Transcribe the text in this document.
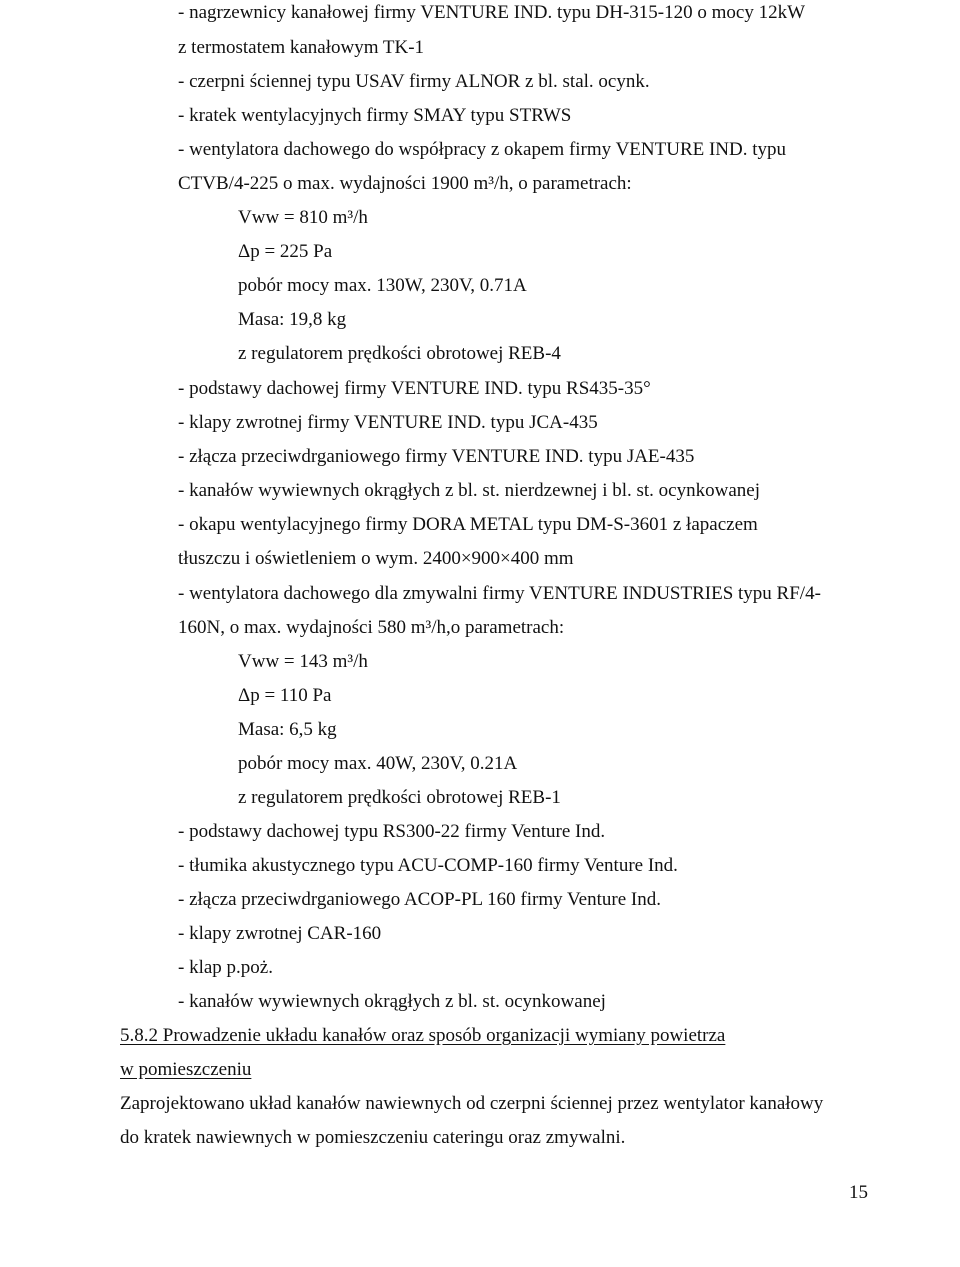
- nagrzewnicy kanałowej firmy VENTURE IND. typu DH-315-120 o mocy 12kW
z termostatem kanałowym TK-1
- czerpni ściennej typu USAV firmy ALNOR z bl. stal. ocynk.
- kratek wentylacyjnych firmy SMAY typu STRWS
- wentylatora dachowego do współpracy z okapem firmy VENTURE IND. typu
CTVB/4-225 o max. wydajności 1900 m³/h, o parametrach:
Vww = 810 m³/h
Δp = 225 Pa
pobór mocy max. 130W, 230V, 0.71A
Masa: 19,8 kg
z regulatorem prędkości obrotowej REB-4
- podstawy dachowej firmy VENTURE IND. typu RS435-35°
- klapy zwrotnej firmy VENTURE IND. typu JCA-435
- złącza przeciwdrganiowego firmy VENTURE IND. typu JAE-435
- kanałów wywiewnych okrągłych z bl. st. nierdzewnej i bl. st. ocynkowanej
- okapu wentylacyjnego firmy DORA METAL typu DM-S-3601 z łapaczem
tłuszczu i oświetleniem o wym. 2400×900×400 mm
- wentylatora dachowego dla zmywalni firmy VENTURE INDUSTRIES typu RF/4-
160N, o max. wydajności 580 m³/h,o parametrach:
Vww = 143 m³/h
Δp = 110 Pa
Masa: 6,5 kg
pobór mocy max. 40W, 230V, 0.21A
z regulatorem prędkości obrotowej REB-1
- podstawy dachowej typu RS300-22 firmy Venture Ind.
- tłumika akustycznego typu ACU-COMP-160 firmy Venture Ind.
- złącza przeciwdrganiowego ACOP-PL 160 firmy Venture Ind.
- klapy zwrotnej CAR-160
- klap p.poż.
- kanałów wywiewnych okrągłych z bl. st. ocynkowanej
5.8.2 Prowadzenie układu kanałów oraz sposób organizacji wymiany powietrza
w pomieszczeniu
Zaprojektowano układ kanałów nawiewnych od czerpni ściennej przez wentylator kanałowy
do kratek nawiewnych w pomieszczeniu cateringu oraz zmywalni.
15
